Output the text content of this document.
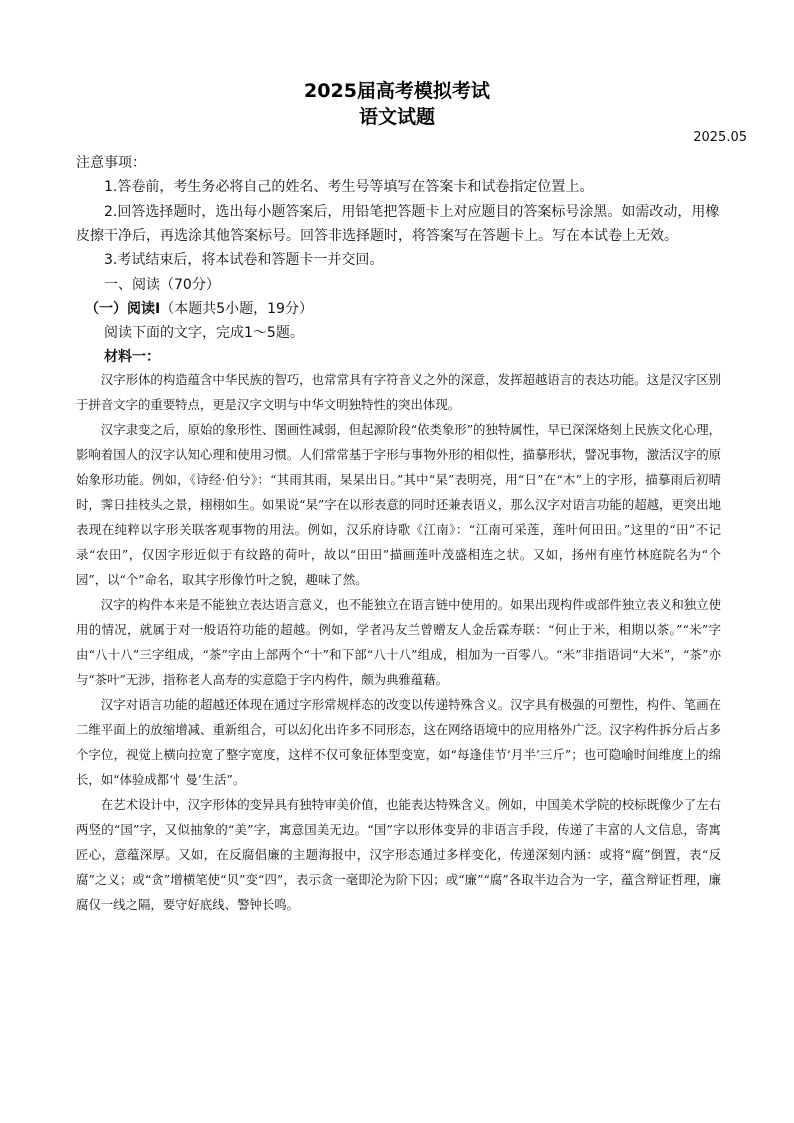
2025届高考模拟考试
语文试题
2025.05
注意事项：
1.答卷前，考生务必将自己的姓名、考生号等填写在答案卡和试卷指定位置上。
2.回答选择题时，选出每小题答案后，用铅笔把答题卡上对应题目的答案标号涂黑。如需改动，用橡
皮擦干净后，再选涂其他答案标号。回答非选择题时，将答案写在答题卡上。写在本试卷上无效。
3.考试结束后，将本试卷和答题卡一并交回。
一、阅读（70分）
（一）阅读Ⅰ（本题共5小题，19分）
阅读下面的文字，完成1～5题。
材料一：

汉字形体的构造蕴含中华民族的智巧，也常常具有字符音义之外的深意，发挥超越语言的表达功能。这是汉字区别于拼音文字的重要特点，更是汉字文明与中华文明独特性的突出体现。

汉字隶变之后，原始的象形性、图画性减弱，但起源阶段“依类象形”的独特属性，早已深深烙刻上民族文化心理，影响着国人的汉字认知心理和使用习惯。人们常常基于字形与事物外形的相似性，描摹形状，譬况事物，激活汉字的原始象形功能。例如，《诗经·伯兮》：“其雨其雨，杲杲出日。”其中“杲”表明亮，用“日”在“木”上的字形，描摹雨后初晴时，霁日挂枝头之景，栩栩如生。如果说“杲”字在以形表意的同时还兼表语义，那么汉字对语言功能的超越，更突出地表现在纯粹以字形关联客观事物的用法。例如，汉乐府诗歌《江南》：“江南可采莲，莲叶何田田。”这里的“田”不记录“农田”，仅因字形近似于有纹路的荷叶，故以“田田”描画莲叶茂盛相连之状。又如，扬州有座竹林庭院名为“个园”，以“个”命名，取其字形像竹叶之貌，趣味了然。

汉字的构件本来是不能独立表达语言意义，也不能独立在语言链中使用的。如果出现构件或部件独立表义和独立使用的情况，就属于对一般语符功能的超越。例如，学者冯友兰曾赠友人金岳霖寿联：“何止于米，相期以茶。”“米”字由“八十八”三字组成，“茶”字由上部两个“十”和下部“八十八”组成，相加为一百零八。“米”非指语词“大米”，“茶”亦与“茶叶”无涉，指称老人高寿的实意隐于字内构件，颇为典雅蕴藉。

汉字对语言功能的超越还体现在通过字形常规样态的改变以传递特殊含义。汉字具有极强的可塑性，构件、笔画在二维平面上的放缩增减、重新组合，可以幻化出许多不同形态，这在网络语境中的应用格外广泛。汉字构件拆分后占多个字位，视觉上横向拉宽了整字宽度，这样不仅可象征体型变宽，如“每逢佳节‘月半’三斤”；也可隐喻时间维度上的绵长，如“体验成都‘忄曼’生活”。

在艺术设计中，汉字形体的变异具有独特审美价值，也能表达特殊含义。例如，中国美术学院的校标既像少了左右两竖的“国”字，又似抽象的“美”字，寓意国美无边。“国”字以形体变异的非语言手段，传递了丰富的人文信息，寄寓匠心，意蕴深厚。又如，在反腐倡廉的主题海报中，汉字形态通过多样变化，传递深刻内涵：或将“腐”倒置，表“反腐”之义；或“贪”增横笔使“贝”变“四”，表示贪一毫即沦为阶下囚；或“廉”“腐”各取半边合为一字，蕴含辩证哲理，廉腐仅一线之隔，要守好底线、警钟长鸣。
